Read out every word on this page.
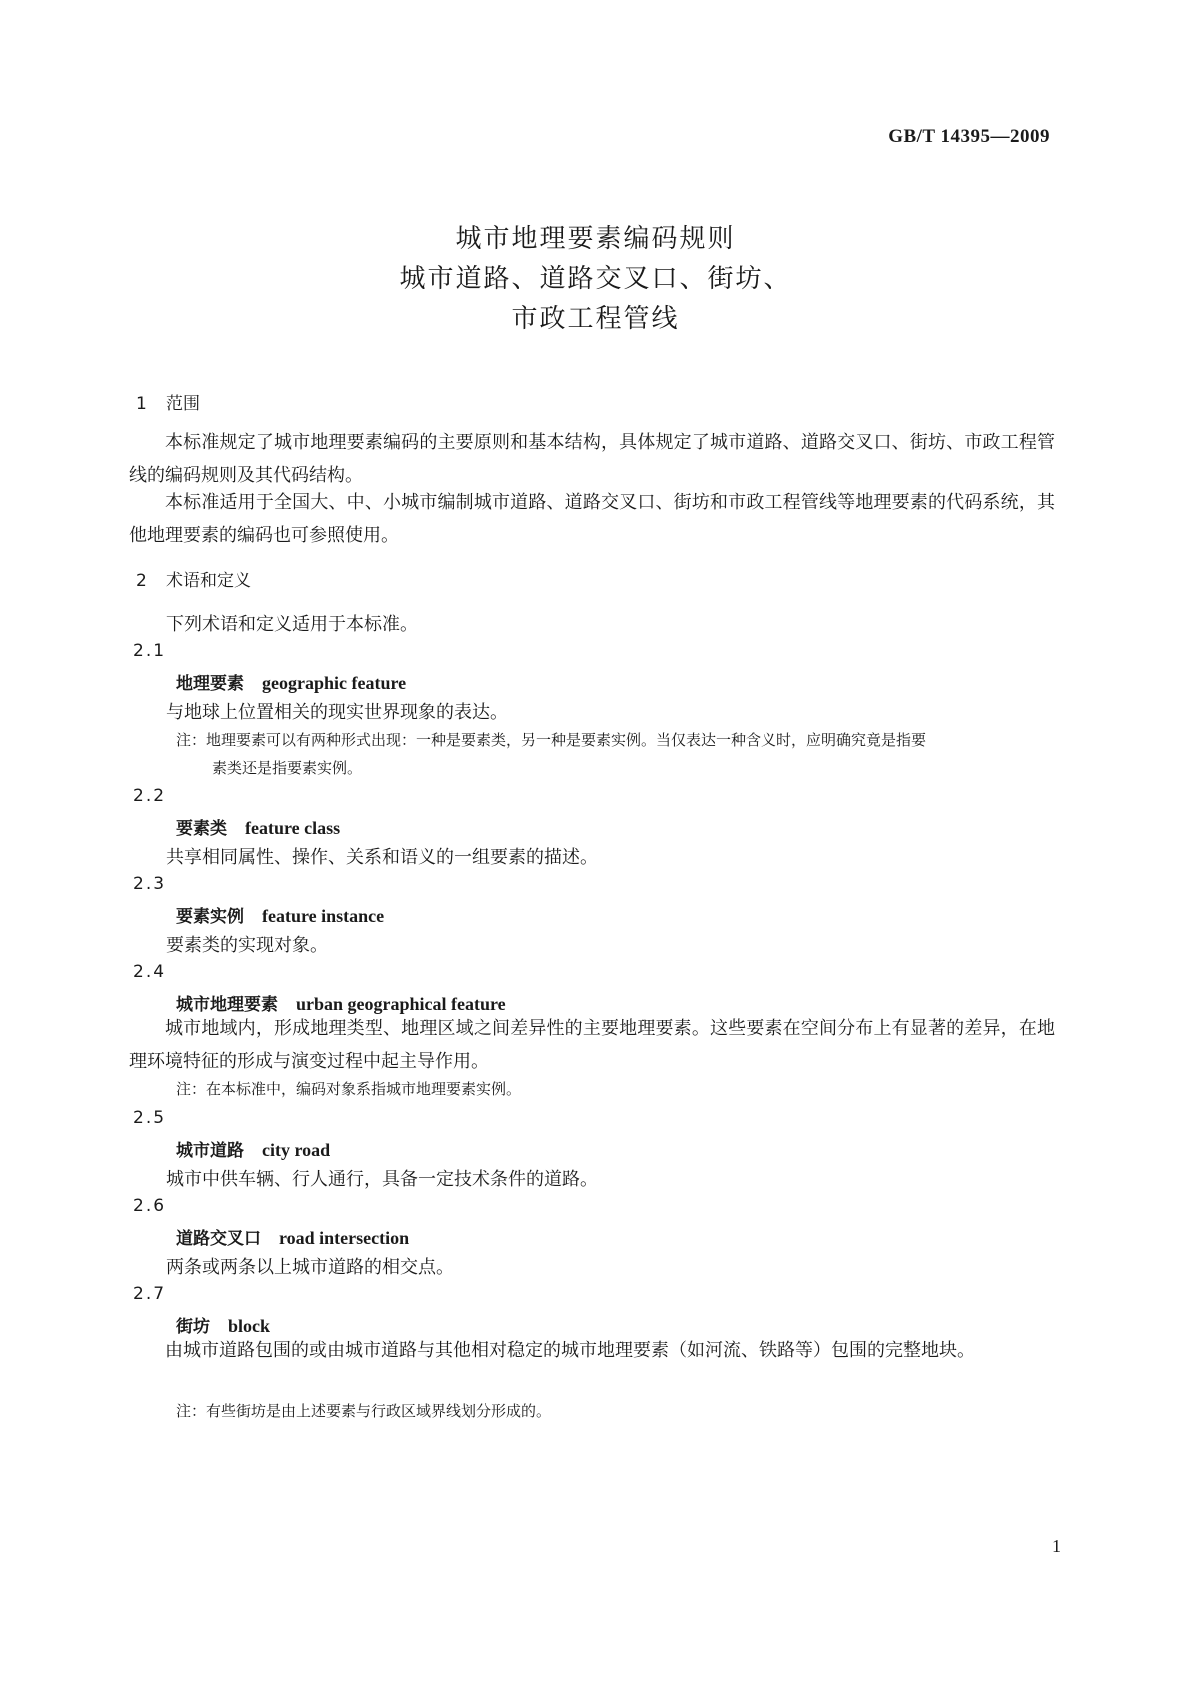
GB/T 14395—2009
城市地理要素编码规则
城市道路、道路交叉口、街坊、
市政工程管线
1 范围

本标准规定了城市地理要素编码的主要原则和基本结构，具体规定了城市道路、道路交叉口、街坊、市政工程管线的编码规则及其代码结构。

本标准适用于全国大、中、小城市编制城市道路、道路交叉口、街坊和市政工程管线等地理要素的代码系统，其他地理要素的编码也可参照使用。

2 术语和定义
下列术语和定义适用于本标准。
2.1
地理要素 geographic feature
与地球上位置相关的现实世界现象的表达。

注：地理要素可以有两种形式出现：一种是要素类，另一种是要素实例。当仅表达一种含义时，应明确究竟是指要
素类还是指要素实例。

2.2
要素类 feature class
共享相同属性、操作、关系和语义的一组要素的描述。
2.3
要素实例 feature instance
要素类的实现对象。
2.4
城市地理要素 urban geographical feature

城市地域内，形成地理类型、地理区域之间差异性的主要地理要素。这些要素在空间分布上有显著的差异，在地理环境特征的形成与演变过程中起主导作用。

注：在本标准中，编码对象系指城市地理要素实例。

2.5
城市道路 city road
城市中供车辆、行人通行，具备一定技术条件的道路。
2.6
道路交叉口 road intersection
两条或两条以上城市道路的相交点。
2.7
街坊 block

由城市道路包围的或由城市道路与其他相对稳定的城市地理要素（如河流、铁路等）包围的完整地块。

注：有些街坊是由上述要素与行政区域界线划分形成的。

1
